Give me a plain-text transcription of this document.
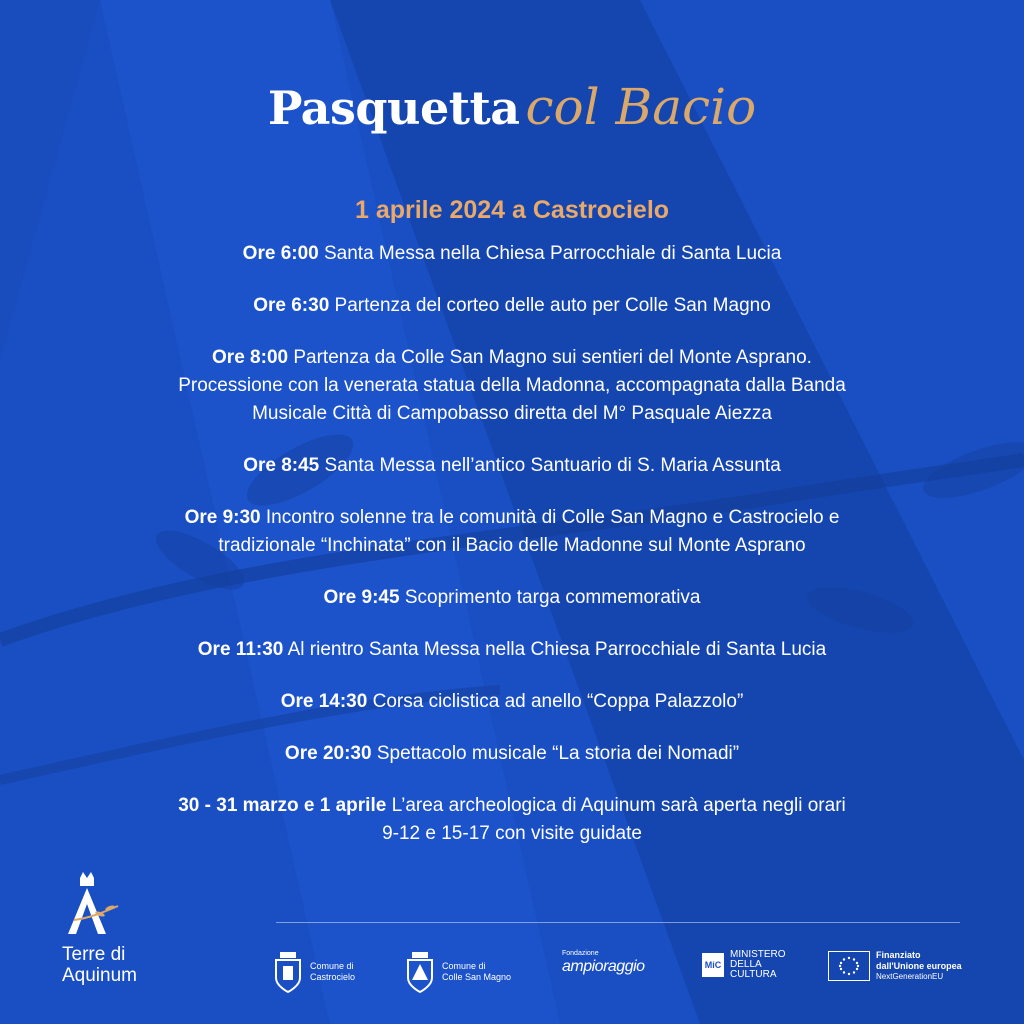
Pasquetta col Bacio
1 aprile 2024 a Castrocielo
Ore 6:00 Santa Messa nella Chiesa Parrocchiale di Santa Lucia
Ore 6:30 Partenza del corteo delle auto per Colle San Magno
Ore 8:00 Partenza da Colle San Magno sui sentieri del Monte Asprano.
Processione con la venerata statua della Madonna, accompagnata dalla Banda
Musicale Città di Campobasso diretta del M° Pasquale Aiezza
Ore 8:45 Santa Messa nell’antico Santuario di S. Maria Assunta
Ore 9:30 Incontro solenne tra le comunità di Colle San Magno e Castrocielo e
tradizionale “Inchinata” con il Bacio delle Madonne sul Monte Asprano
Ore 9:45 Scoprimento targa commemorativa
Ore 11:30 Al rientro Santa Messa nella Chiesa Parrocchiale di Santa Lucia
Ore 14:30 Corsa ciclistica ad anello “Coppa Palazzolo”
Ore 20:30 Spettacolo musicale “La storia dei Nomadi”
30 - 31 marzo e 1 aprile L’area archeologica di Aquinum sarà aperta negli orari
9-12 e 15-17 con visite guidate
Terre di
Aquinum	Comune di
Castrocielo
Comune di
Colle San Magno
Fondazione
ampioraggio	MiC
MINISTERO
DELLA
CULTURA
Finanziato
dall'Unione europea
NextGenerationEU
